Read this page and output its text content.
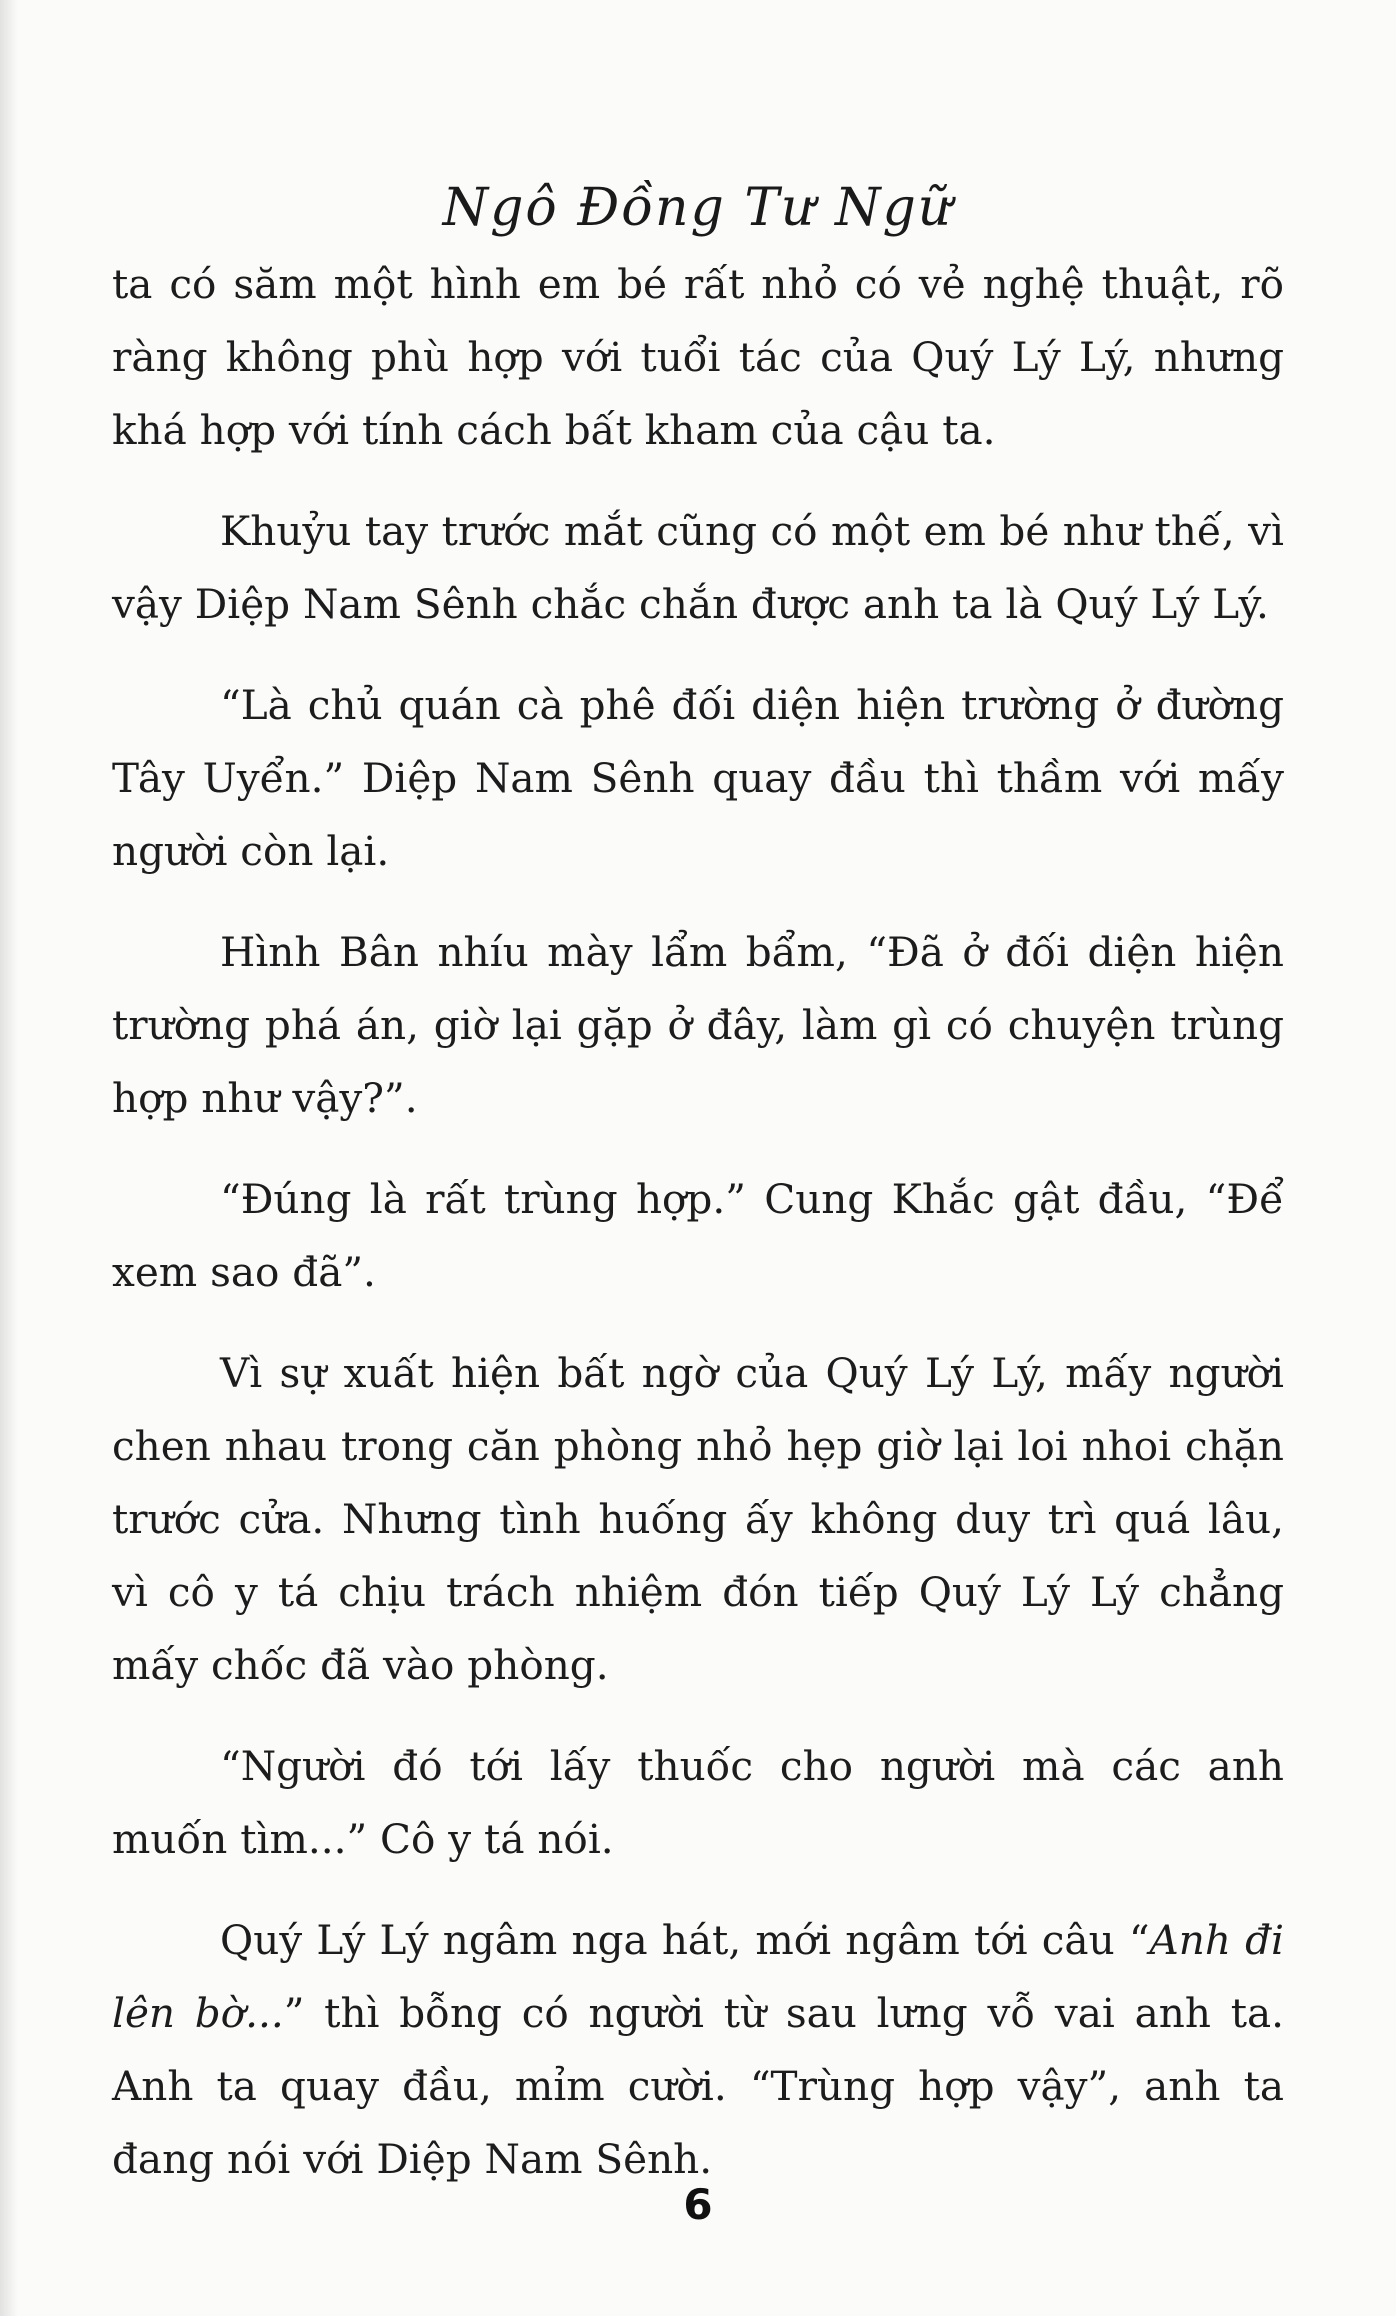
Ngô Đồng Tư Ngữ

ta có săm một hình em bé rất nhỏ có vẻ nghệ thuật, rõ ràng không phù hợp với tuổi tác của Quý Lý Lý, nhưng khá hợp với tính cách bất kham của cậu ta.

Khuỷu tay trước mắt cũng có một em bé như thế, vì vậy Diệp Nam Sênh chắc chắn được anh ta là Quý Lý Lý.

“Là chủ quán cà phê đối diện hiện trường ở đường Tây Uyển.” Diệp Nam Sênh quay đầu thì thầm với mấy người còn lại.

Hình Bân nhíu mày lẩm bẩm, “Đã ở đối diện hiện trường phá án, giờ lại gặp ở đây, làm gì có chuyện trùng hợp như vậy?”.

“Đúng là rất trùng hợp.” Cung Khắc gật đầu, “Để xem sao đã”.

Vì sự xuất hiện bất ngờ của Quý Lý Lý, mấy người chen nhau trong căn phòng nhỏ hẹp giờ lại loi nhoi chặn trước cửa. Nhưng tình huống ấy không duy trì quá lâu, vì cô y tá chịu trách nhiệm đón tiếp Quý Lý Lý chẳng mấy chốc đã vào phòng.

“Người đó tới lấy thuốc cho người mà các anh muốn tìm...” Cô y tá nói.

Quý Lý Lý ngâm nga hát, mới ngâm tới câu “Anh đi lên bờ...” thì bỗng có người từ sau lưng vỗ vai anh ta. Anh ta quay đầu, mỉm cười. “Trùng hợp vậy”, anh ta đang nói với Diệp Nam Sênh.

6
